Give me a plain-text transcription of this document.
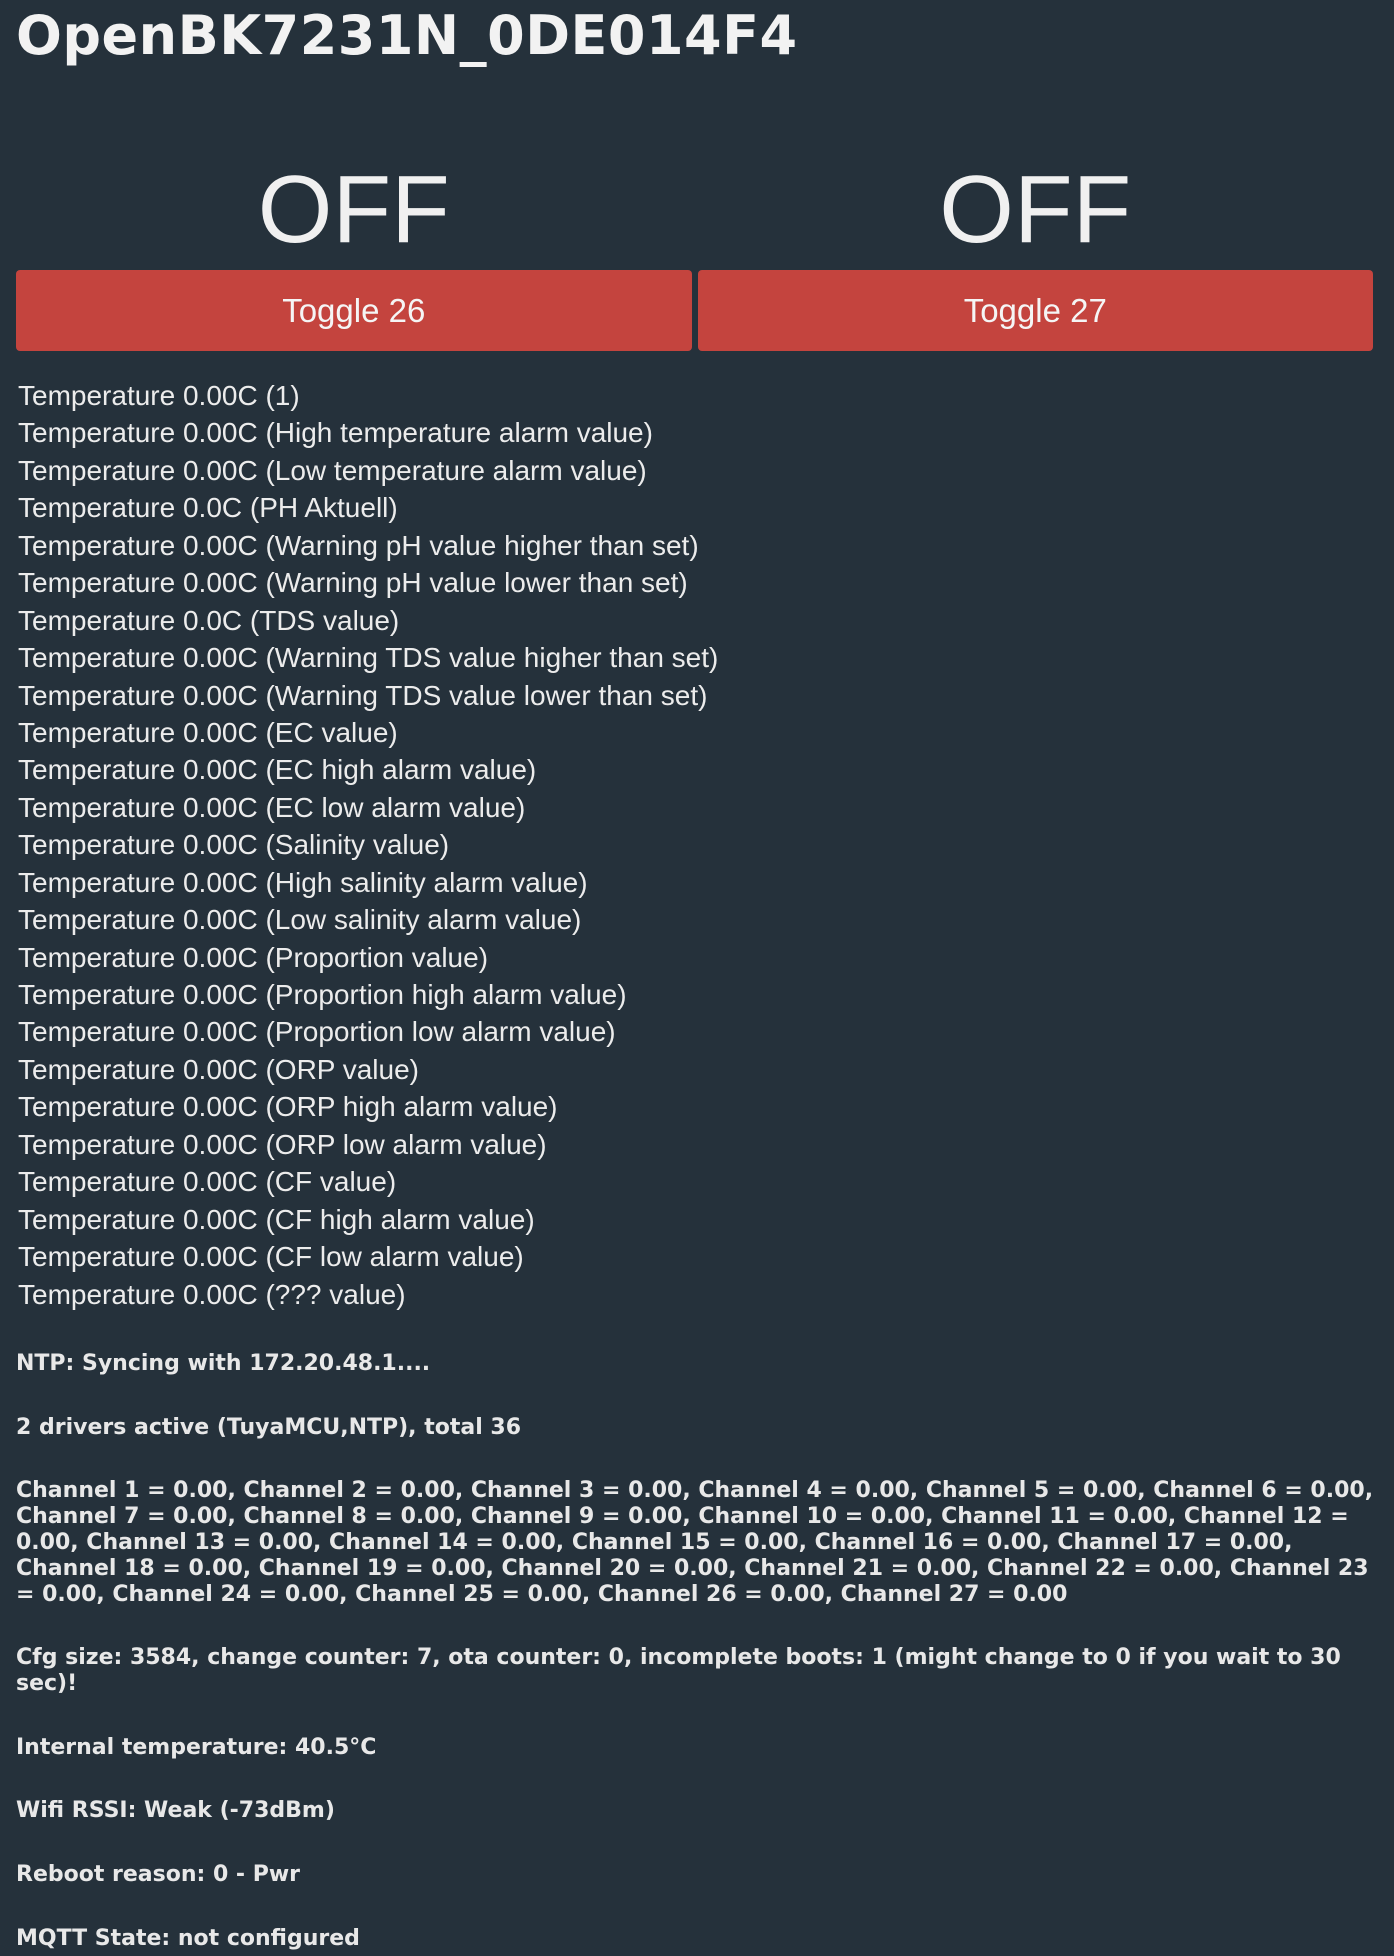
OpenBK7231N_0DE014F4
OFF
Toggle 26
OFF
Toggle 27
Temperature 0.00C (1)
Temperature 0.00C (High temperature alarm value)
Temperature 0.00C (Low temperature alarm value)
Temperature 0.0C (PH Aktuell)
Temperature 0.00C (Warning pH value higher than set)
Temperature 0.00C (Warning pH value lower than set)
Temperature 0.0C (TDS value)
Temperature 0.00C (Warning TDS value higher than set)
Temperature 0.00C (Warning TDS value lower than set)
Temperature 0.00C (EC value)
Temperature 0.00C (EC high alarm value)
Temperature 0.00C (EC low alarm value)
Temperature 0.00C (Salinity value)
Temperature 0.00C (High salinity alarm value)
Temperature 0.00C (Low salinity alarm value)
Temperature 0.00C (Proportion value)
Temperature 0.00C (Proportion high alarm value)
Temperature 0.00C (Proportion low alarm value)
Temperature 0.00C (ORP value)
Temperature 0.00C (ORP high alarm value)
Temperature 0.00C (ORP low alarm value)
Temperature 0.00C (CF value)
Temperature 0.00C (CF high alarm value)
Temperature 0.00C (CF low alarm value)
Temperature 0.00C (??? value)

NTP: Syncing with 172.20.48.1....

2 drivers active (TuyaMCU,NTP), total 36

Channel 1 = 0.00, Channel 2 = 0.00, Channel 3 = 0.00, Channel 4 = 0.00, Channel 5 = 0.00, Channel 6 = 0.00, Channel 7 = 0.00, Channel 8 = 0.00, Channel 9 = 0.00, Channel 10 = 0.00, Channel 11 = 0.00, Channel 12 = 0.00, Channel 13 = 0.00, Channel 14 = 0.00, Channel 15 = 0.00, Channel 16 = 0.00, Channel 17 = 0.00, Channel 18 = 0.00, Channel 19 = 0.00, Channel 20 = 0.00, Channel 21 = 0.00, Channel 22 = 0.00, Channel 23 = 0.00, Channel 24 = 0.00, Channel 25 = 0.00, Channel 26 = 0.00, Channel 27 = 0.00

Cfg size: 3584, change counter: 7, ota counter: 0, incomplete boots: 1 (might change to 0 if you wait to 30 sec)!

Internal temperature: 40.5°C

Wifi RSSI: Weak (-73dBm)

Reboot reason: 0 - Pwr

MQTT State: not configured
